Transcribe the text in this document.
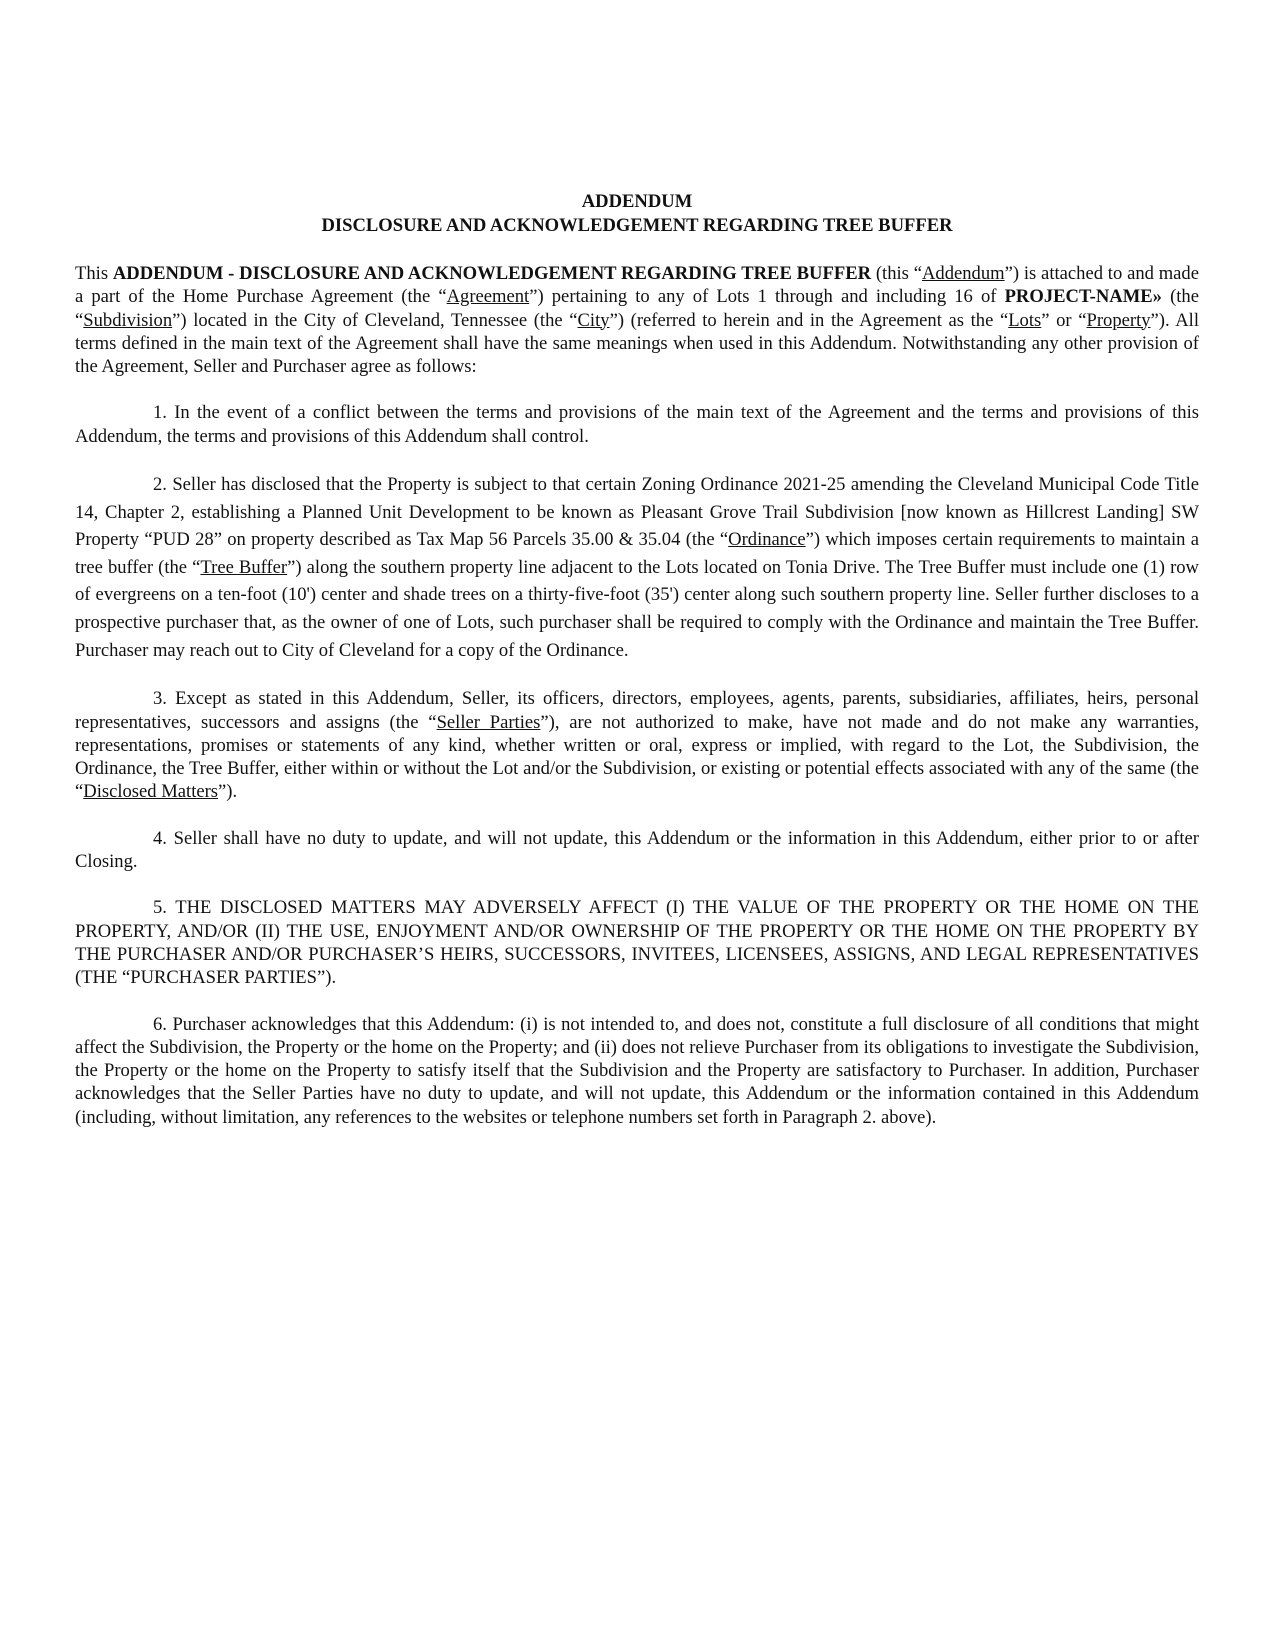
ADDENDUM

DISCLOSURE AND ACKNOWLEDGEMENT REGARDING TREE BUFFER

This ADDENDUM - DISCLOSURE AND ACKNOWLEDGEMENT REGARDING TREE BUFFER (this “Addendum”) is attached to and made a part of the Home Purchase Agreement (the “Agreement”) pertaining to any of Lots 1 through and including 16 of PROJECT-NAME» (the “Subdivision”) located in the City of Cleveland, Tennessee (the “City”) (referred to herein and in the Agreement as the “Lots” or “Property”). All terms defined in the main text of the Agreement shall have the same meanings when used in this Addendum. Notwithstanding any other provision of the Agreement, Seller and Purchaser agree as follows:

1. In the event of a conflict between the terms and provisions of the main text of the Agreement and the terms and provisions of this Addendum, the terms and provisions of this Addendum shall control.

2. Seller has disclosed that the Property is subject to that certain Zoning Ordinance 2021-25 amending the Cleveland Municipal Code Title 14, Chapter 2, establishing a Planned Unit Development to be known as Pleasant Grove Trail Subdivision [now known as Hillcrest Landing] SW Property “PUD 28” on property described as Tax Map 56 Parcels 35.00 & 35.04 (the “Ordinance”) which imposes certain requirements to maintain a tree buffer (the “Tree Buffer”) along the southern property line adjacent to the Lots located on Tonia Drive. The Tree Buffer must include one (1) row of evergreens on a ten-foot (10') center and shade trees on a thirty-five-foot (35') center along such southern property line. Seller further discloses to a prospective purchaser that, as the owner of one of Lots, such purchaser shall be required to comply with the Ordinance and maintain the Tree Buffer. Purchaser may reach out to City of Cleveland for a copy of the Ordinance.

3. Except as stated in this Addendum, Seller, its officers, directors, employees, agents, parents, subsidiaries, affiliates, heirs, personal representatives, successors and assigns (the “Seller Parties”), are not authorized to make, have not made and do not make any warranties, representations, promises or statements of any kind, whether written or oral, express or implied, with regard to the Lot, the Subdivision, the Ordinance, the Tree Buffer, either within or without the Lot and/or the Subdivision, or existing or potential effects associated with any of the same (the “Disclosed Matters”).

4. Seller shall have no duty to update, and will not update, this Addendum or the information in this Addendum, either prior to or after Closing.

5. THE DISCLOSED MATTERS MAY ADVERSELY AFFECT (I) THE VALUE OF THE PROPERTY OR THE HOME ON THE PROPERTY, AND/OR (II) THE USE, ENJOYMENT AND/OR OWNERSHIP OF THE PROPERTY OR THE HOME ON THE PROPERTY BY THE PURCHASER AND/OR PURCHASER’S HEIRS, SUCCESSORS, INVITEES, LICENSEES, ASSIGNS, AND LEGAL REPRESENTATIVES (THE “PURCHASER PARTIES”).

6. Purchaser acknowledges that this Addendum: (i) is not intended to, and does not, constitute a full disclosure of all conditions that might affect the Subdivision, the Property or the home on the Property; and (ii) does not relieve Purchaser from its obligations to investigate the Subdivision, the Property or the home on the Property to satisfy itself that the Subdivision and the Property are satisfactory to Purchaser. In addition, Purchaser acknowledges that the Seller Parties have no duty to update, and will not update, this Addendum or the information contained in this Addendum (including, without limitation, any references to the websites or telephone numbers set forth in Paragraph 2. above).
